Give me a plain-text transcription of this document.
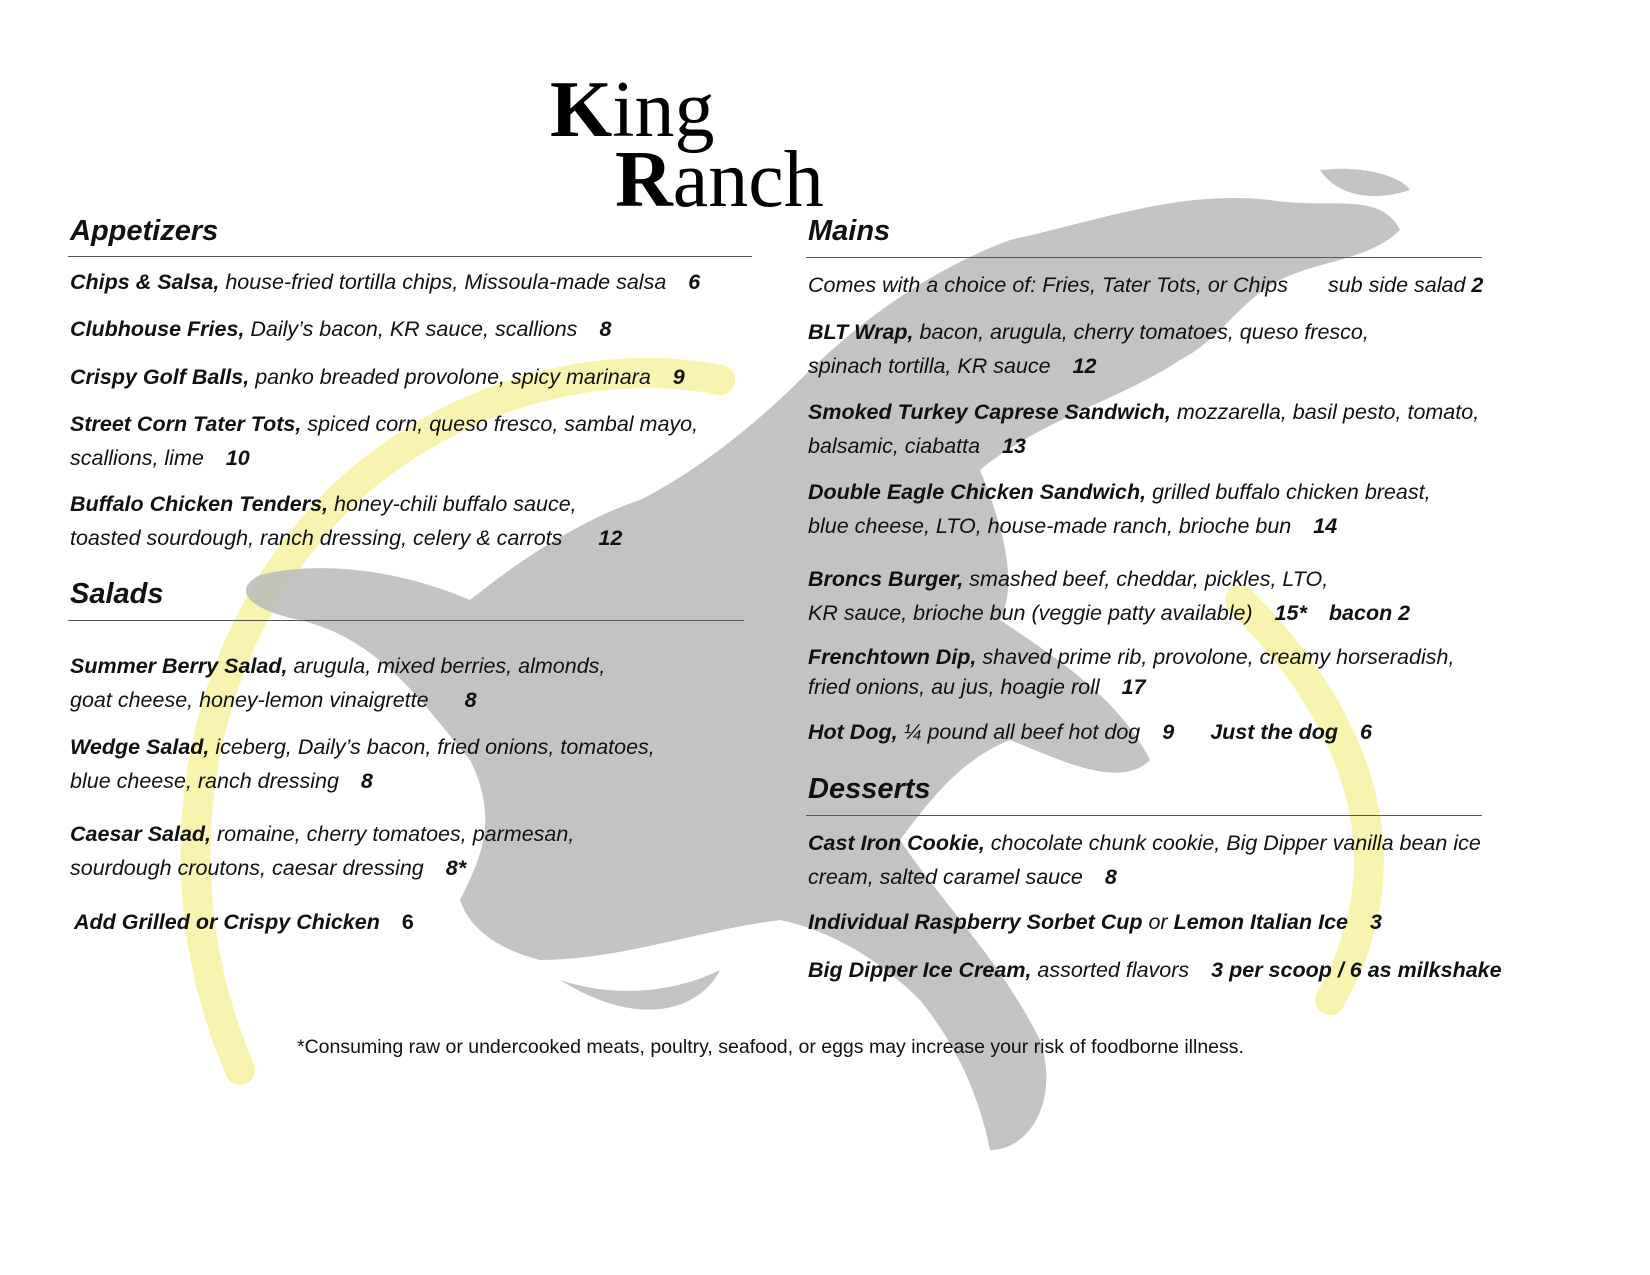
King
Ranch
Appetizers
Chips & Salsa, house-fried tortilla chips, Missoula-made salsa 6
Clubhouse Fries, Daily’s bacon, KR sauce, scallions 8
Crispy Golf Balls, panko breaded provolone, spicy marinara 9
Street Corn Tater Tots, spiced corn, queso fresco, sambal mayo,
scallions, lime 10
Buffalo Chicken Tenders, honey-chili buffalo sauce,
toasted sourdough, ranch dressing, celery & carrots 12
Salads
Summer Berry Salad, arugula, mixed berries, almonds,
goat cheese, honey-lemon vinaigrette 8
Wedge Salad, iceberg, Daily’s bacon, fried onions, tomatoes,
blue cheese, ranch dressing 8
Caesar Salad, romaine, cherry tomatoes, parmesan,
sourdough croutons, caesar dressing 8*
Add Grilled or Crispy Chicken 6
Mains
Comes with a choice of: Fries, Tater Tots, or Chips sub side salad 2
BLT Wrap, bacon, arugula, cherry tomatoes, queso fresco,
spinach tortilla, KR sauce 12
Smoked Turkey Caprese Sandwich, mozzarella, basil pesto, tomato,
balsamic, ciabatta 13
Double Eagle Chicken Sandwich, grilled buffalo chicken breast,
blue cheese, LTO, house-made ranch, brioche bun 14
Broncs Burger, smashed beef, cheddar, pickles, LTO,
KR sauce, brioche bun (veggie patty available) 15* bacon 2
Frenchtown Dip, shaved prime rib, provolone, creamy horseradish,
fried onions, au jus, hoagie roll 17
Hot Dog, ¼ pound all beef hot dog 9 Just the dog 6
Desserts
Cast Iron Cookie, chocolate chunk cookie, Big Dipper vanilla bean ice
cream, salted caramel sauce 8
Individual Raspberry Sorbet Cup or Lemon Italian Ice 3
Big Dipper Ice Cream, assorted flavors 3 per scoop / 6 as milkshake
*Consuming raw or undercooked meats, poultry, seafood, or eggs may increase your risk of foodborne illness.
